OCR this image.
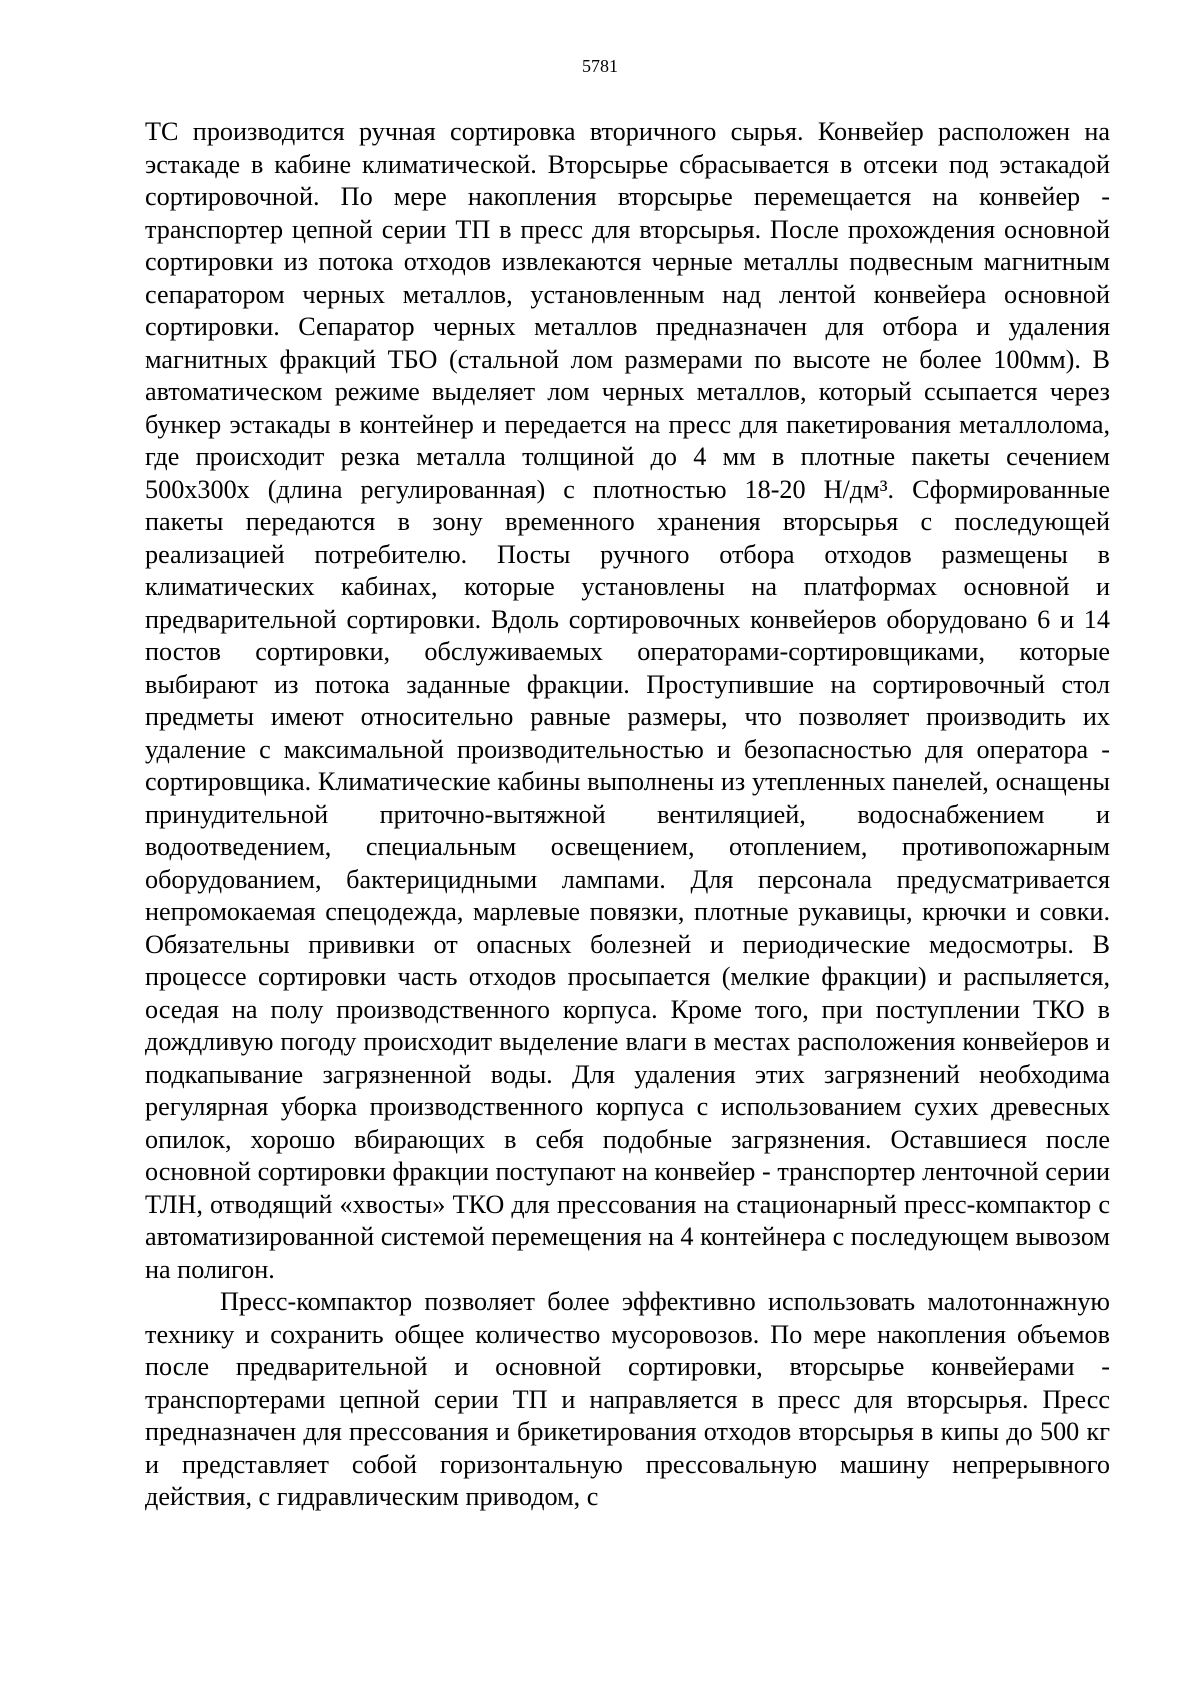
5781

ТС производится ручная сортировка вторичного сырья. Конвейер расположен на эстакаде в кабине климатической. Вторсырье сбрасывается в отсеки под эстакадой сортировочной. По мере накопления вторсырье перемещается на конвейер - транспортер цепной серии ТП в пресс для вторсырья. После прохождения основной сортировки из потока отходов извлекаются черные металлы подвесным магнитным сепаратором черных металлов, установленным над лентой конвейера основной сортировки. Сепаратор черных металлов предназначен для отбора и удаления магнитных фракций ТБО (стальной лом размерами по высоте не более 100мм). В автоматическом режиме выделяет лом черных металлов, который ссыпается через бункер эстакады в контейнер и передается на пресс для пакетирования металлолома, где происходит резка металла толщиной до 4 мм в плотные пакеты сечением 500х300х (длина регулированная) с плотностью 18-20 Н/дм³. Сформированные пакеты передаются в зону временного хранения вторсырья с последующей реализацией потребителю. Посты ручного отбора отходов размещены в климатических кабинах, которые установлены на платформах основной и предварительной сортировки. Вдоль сортировочных конвейеров оборудовано 6 и 14 постов сортировки, обслуживаемых операторами-сортировщиками, которые выбирают из потока заданные фракции. Проступившие на сортировочный стол предметы имеют относительно равные размеры, что позволяет производить их удаление с максимальной производительностью и безопасностью для оператора - сортировщика. Климатические кабины выполнены из утепленных панелей, оснащены принудительной приточно-вытяжной вентиляцией, водоснабжением и водоотведением, специальным освещением, отоплением, противопожарным оборудованием, бактерицидными лампами. Для персонала предусматривается непромокаемая спецодежда, марлевые повязки, плотные рукавицы, крючки и совки. Обязательны прививки от опасных болезней и периодические медосмотры. В процессе сортировки часть отходов просыпается (мелкие фракции) и распыляется, оседая на полу производственного корпуса. Кроме того, при поступлении ТКО в дождливую погоду происходит выделение влаги в местах расположения конвейеров и подкапывание загрязненной воды. Для удаления этих загрязнений необходима регулярная уборка производственного корпуса с использованием сухих древесных опилок, хорошо вбирающих в себя подобные загрязнения. Оставшиеся после основной сортировки фракции поступают на конвейер - транспортер ленточной серии ТЛН, отводящий «хвосты» ТКО для прессования на стационарный пресс-компактор с автоматизированной системой перемещения на 4 контейнера с последующем вывозом на полигон.

Пресс-компактор позволяет более эффективно использовать малотоннажную технику и сохранить общее количество мусоровозов. По мере накопления объемов после предварительной и основной сортировки, вторсырье конвейерами - транспортерами цепной серии ТП и направляется в пресс для вторсырья. Пресс предназначен для прессования и брикетирования отходов вторсырья в кипы до 500 кг и представляет собой горизонтальную прессовальную машину непрерывного действия, с гидравлическим приводом, с
